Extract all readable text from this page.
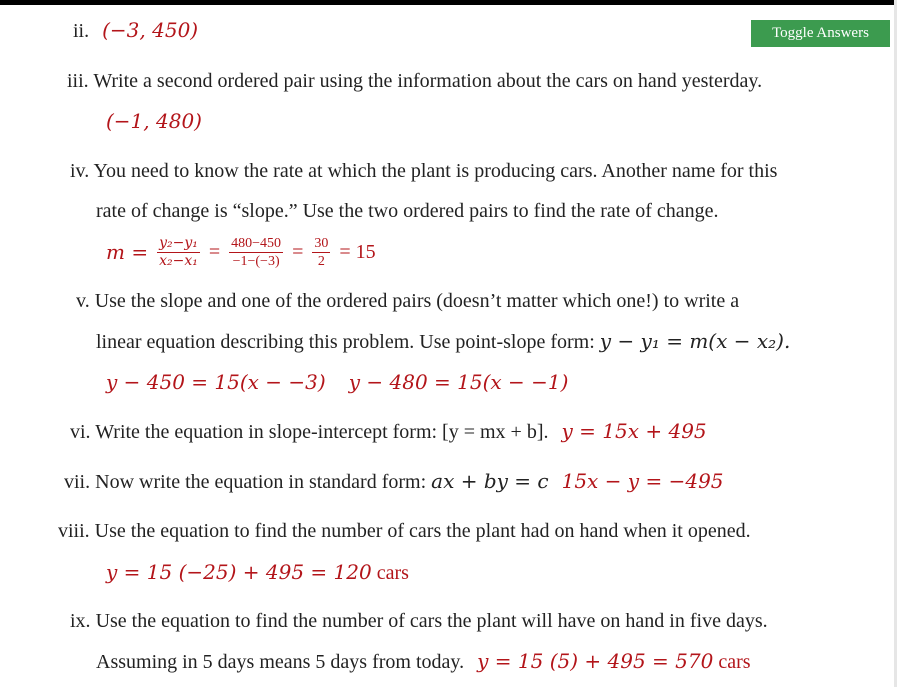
Toggle Answers
ii. (−3, 450)
iii. Write a second ordered pair using the information about the cars on hand yesterday.
(−1, 480)
iv. You need to know the rate at which the plant is producing cars. Another name for this
rate of change is “slope.” Use the two ordered pairs to find the rate of change.
$m = \frac{\text{y₂−y₁}}{\text{x₂−x₁}} = \frac{480-450}{-1-(-3)} = \frac{30}{2} = 15$
v. Use the slope and one of the ordered pairs (doesn’t matter which one!) to write a
linear equation describing this problem. Use point-slope form: y − y₁ = m(x − x₂).
y − 450 = 15(x − −3) y − 480 = 15(x − −1)
vi. Write the equation in slope-intercept form: [y = mx + b]. y = 15x + 495
vii. Now write the equation in standard form: ax + by = c 15x − y = −495
viii. Use the equation to find the number of cars the plant had on hand when it opened.
y = 15 (−25) + 495 = 120 cars
ix. Use the equation to find the number of cars the plant will have on hand in five days.
Assuming in 5 days means 5 days from today. y = 15 (5) + 495 = 570 cars
